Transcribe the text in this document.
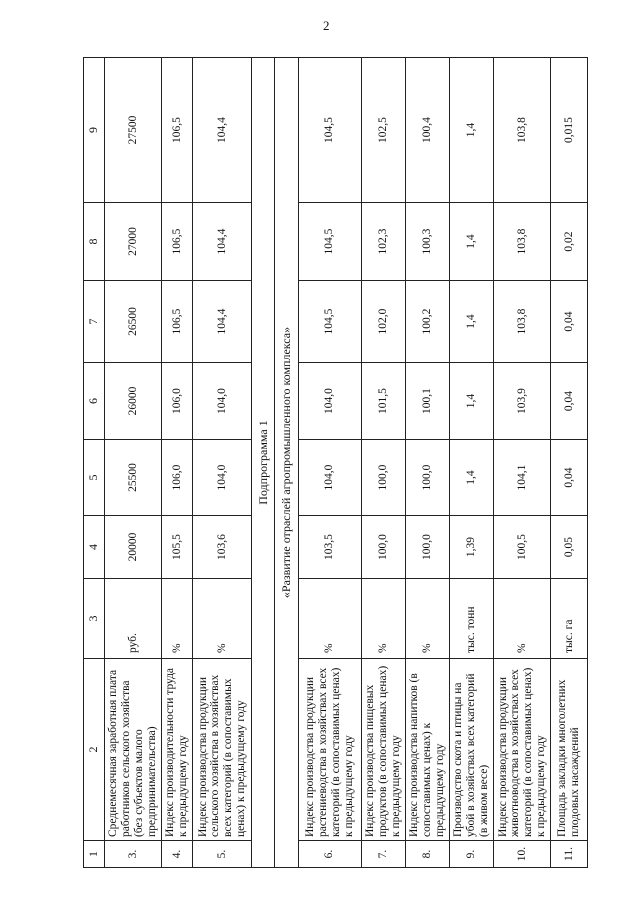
2
1	2	3	4	5	6	7	8	9
3.	Среднемесячная заработная плата работников сельского хозяйства (без субъектов малого предпринимательства)	руб.	20000	25500	26000	26500	27000	27500
4.	Индекс производительности труда к предыдущему году	%	105,5	106,0	106,0	106,5	106,5	106,5
5.	Индекс производства продукции сельского хозяйства в хозяйствах всех категорий (в сопоставимых ценах) к предыдущему году	%	103,6	104,0	104,0	104,4	104,4	104,4
Подпрограмма 1								
«Развитие отраслей агропромышленного комплекса»								
6.	Индекс производства продукции растениеводства в хозяйствах всех категорий (в сопоставимых ценах) к предыдущему году	%	103,5	104,0	104,0	104,5	104,5	104,5
7.	Индекс производства пищевых продуктов (в сопоставимых ценах) к предыдущему году	%	100,0	100,0	101,5	102,0	102,3	102,5
8.	Индекс производства напитков (в сопоставимых ценах) к предыдущему году	%	100,0	100,0	100,1	100,2	100,3	100,4
9.	Производство скота и птицы на убой в хозяйствах всех категорий (в живом весе)	тыс. тонн	1,39	1,4	1,4	1,4	1,4	1,4
10.	Индекс производства продукции животноводства в хозяйствах всех категорий (в сопоставимых ценах) к предыдущему году	%	100,5	104,1	103,9	103,8	103,8	103,8
11.	Площадь закладки многолетних плодовых насаждений	тыс. га	0,05	0,04	0,04	0,04	0,02	0,015
